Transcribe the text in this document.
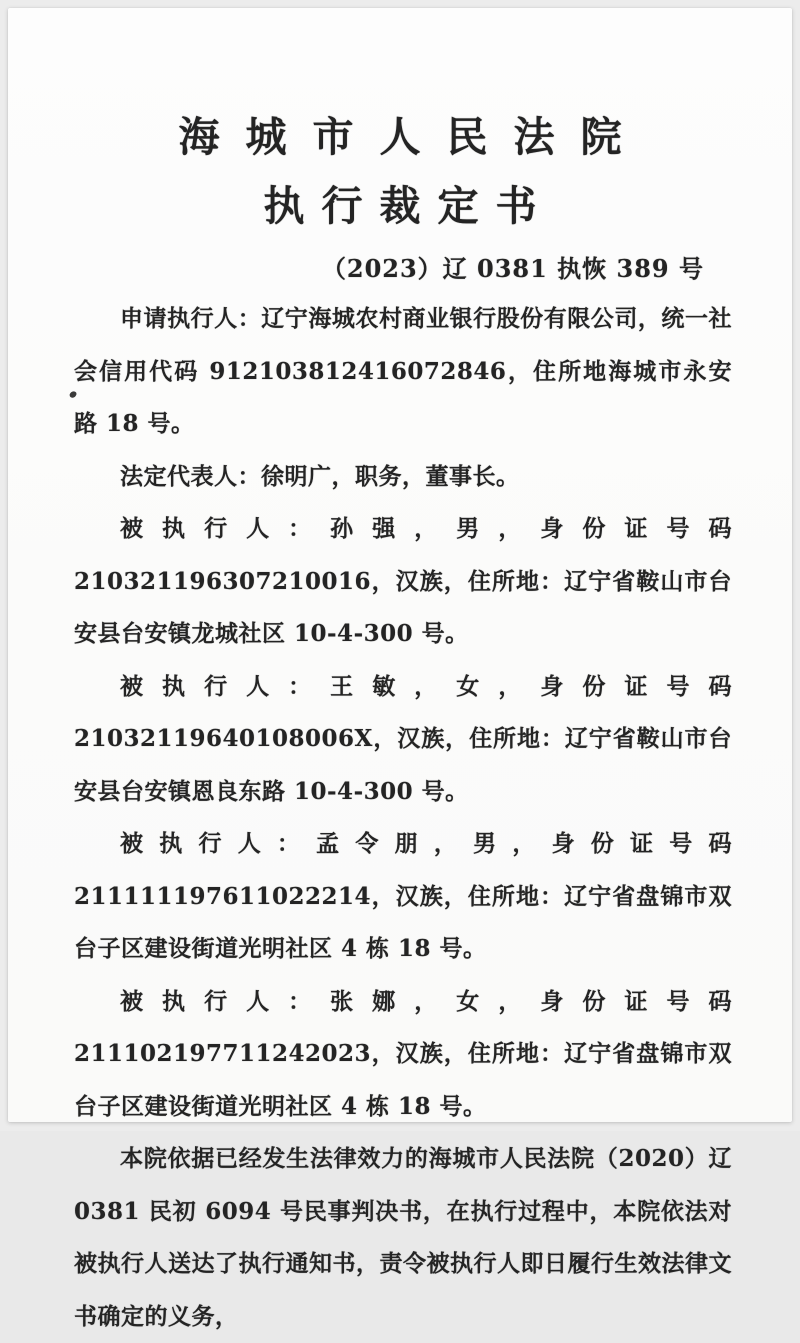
海城市人民法院
执行裁定书
（2023）辽 0381 执恢 389 号

申请执行人：辽宁海城农村商业银行股份有限公司，统一社会信用代码 912103812416072846，住所地海城市永安路 18 号。

法定代表人：徐明广，职务，董事长。

被执行人：孙强，男，身份证号码 210321196307210016，汉族，住所地：辽宁省鞍山市台安县台安镇龙城社区 10-4-300 号。

被执行人：王敏，女，身份证号码 21032119640108006X，汉族，住所地：辽宁省鞍山市台安县台安镇恩良东路 10-4-300 号。

被执行人：孟令朋，男，身份证号码 211111197611022214，汉族，住所地：辽宁省盘锦市双台子区建设街道光明社区 4 栋 18 号。

被执行人：张娜，女，身份证号码 211102197711242023，汉族，住所地：辽宁省盘锦市双台子区建设街道光明社区 4 栋 18 号。

本院依据已经发生法律效力的海城市人民法院（2020）辽 0381 民初 6094 号民事判决书，在执行过程中，本院依法对被执行人送达了执行通知书，责令被执行人即日履行生效法律文书确定的义务，
